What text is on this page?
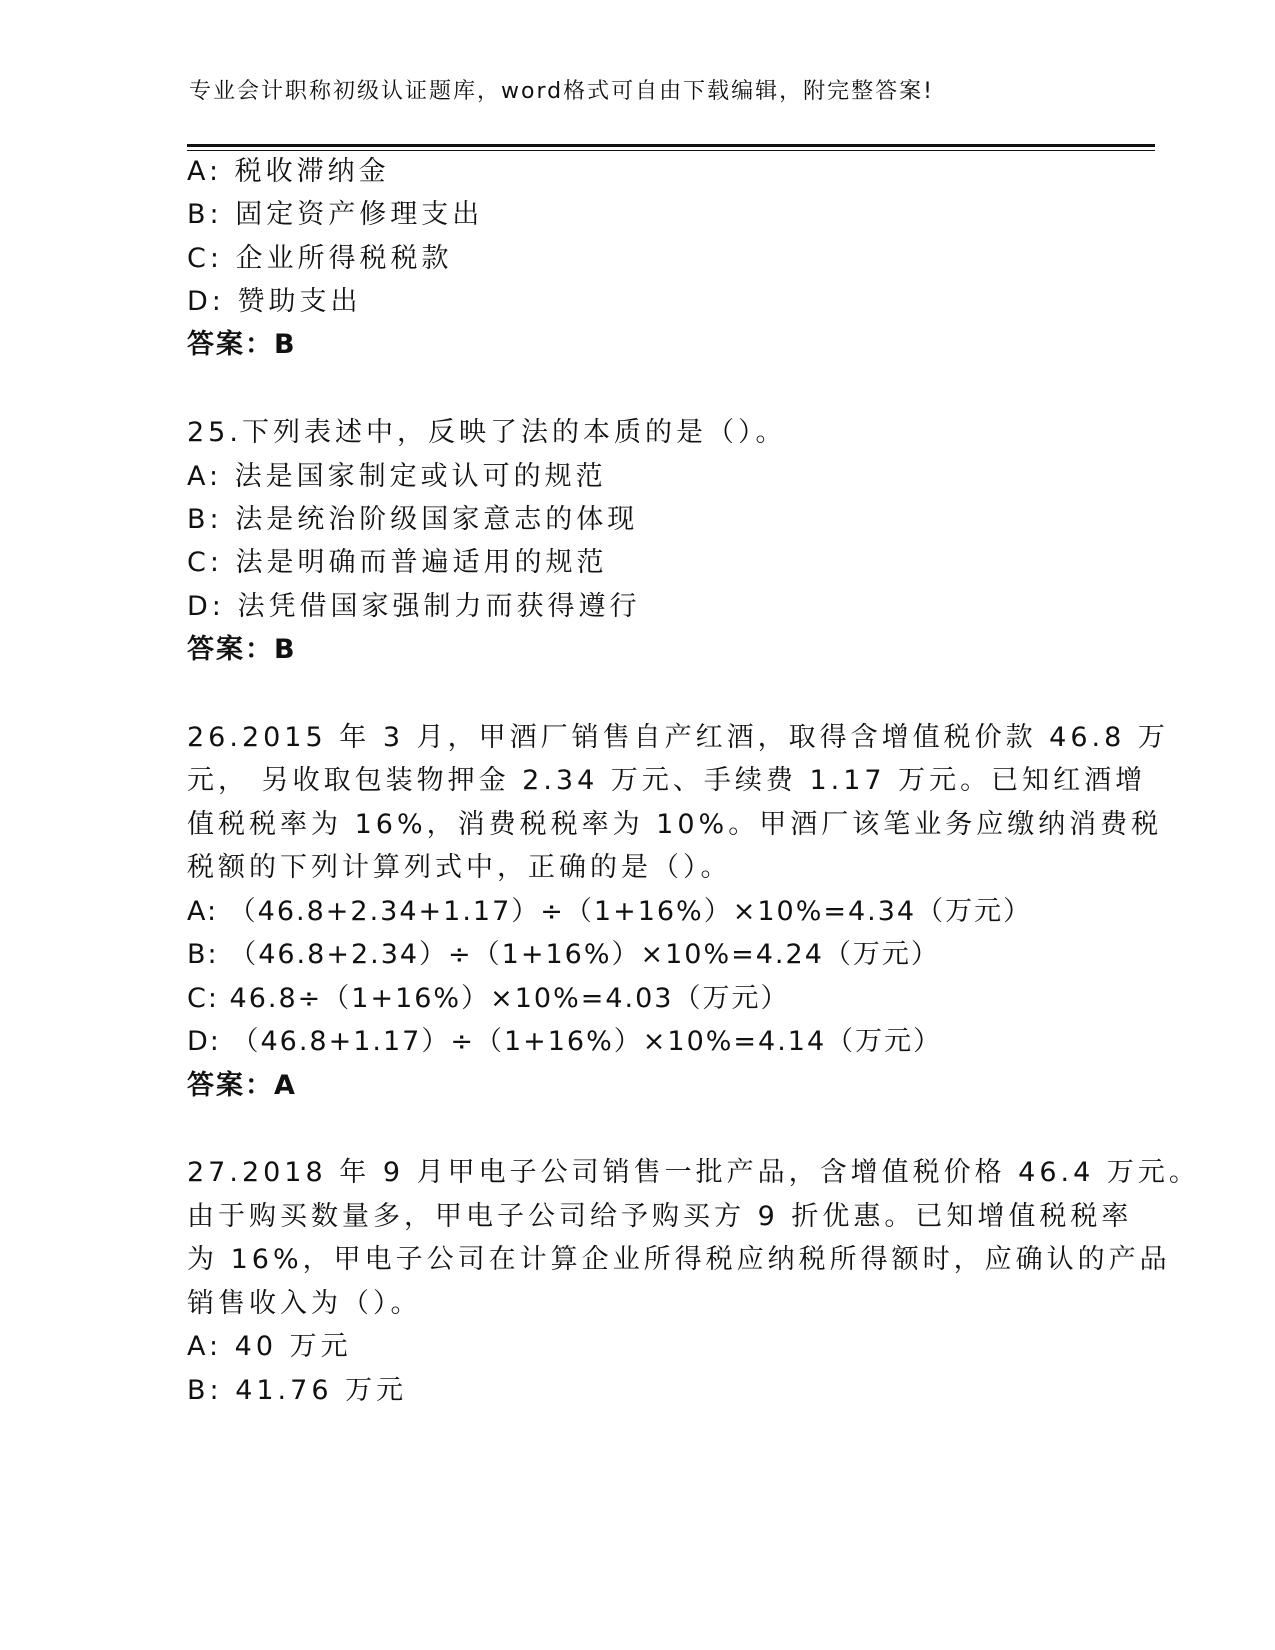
专业会计职称初级认证题库，word格式可自由下载编辑，附完整答案!
A: 税收滞纳金
B: 固定资产修理支出
C: 企业所得税税款
D: 赞助支出
答案：B
25.下列表述中，反映了法的本质的是（）。
A: 法是国家制定或认可的规范
B: 法是统治阶级国家意志的体现
C: 法是明确而普遍适用的规范
D: 法凭借国家强制力而获得遵行
答案：B
26.2015 年 3 月，甲酒厂销售自产红酒，取得含增值税价款 46.8 万
元， 另收取包装物押金 2.34 万元、手续费 1.17 万元。已知红酒增
值税税率为 16%，消费税税率为 10%。甲酒厂该笔业务应缴纳消费税
税额的下列计算列式中，正确的是（）。
A: （46.8+2.34+1.17）÷（1+16%）×10%=4.34（万元）
B: （46.8+2.34）÷（1+16%）×10%=4.24（万元）
C: 46.8÷（1+16%）×10%=4.03（万元）
D: （46.8+1.17）÷（1+16%）×10%=4.14（万元）
答案：A
27.2018 年 9 月甲电子公司销售一批产品，含增值税价格 46.4 万元。
由于购买数量多，甲电子公司给予购买方 9 折优惠。已知增值税税率
为 16%，甲电子公司在计算企业所得税应纳税所得额时，应确认的产品
销售收入为（）。
A: 40 万元
B: 41.76 万元
